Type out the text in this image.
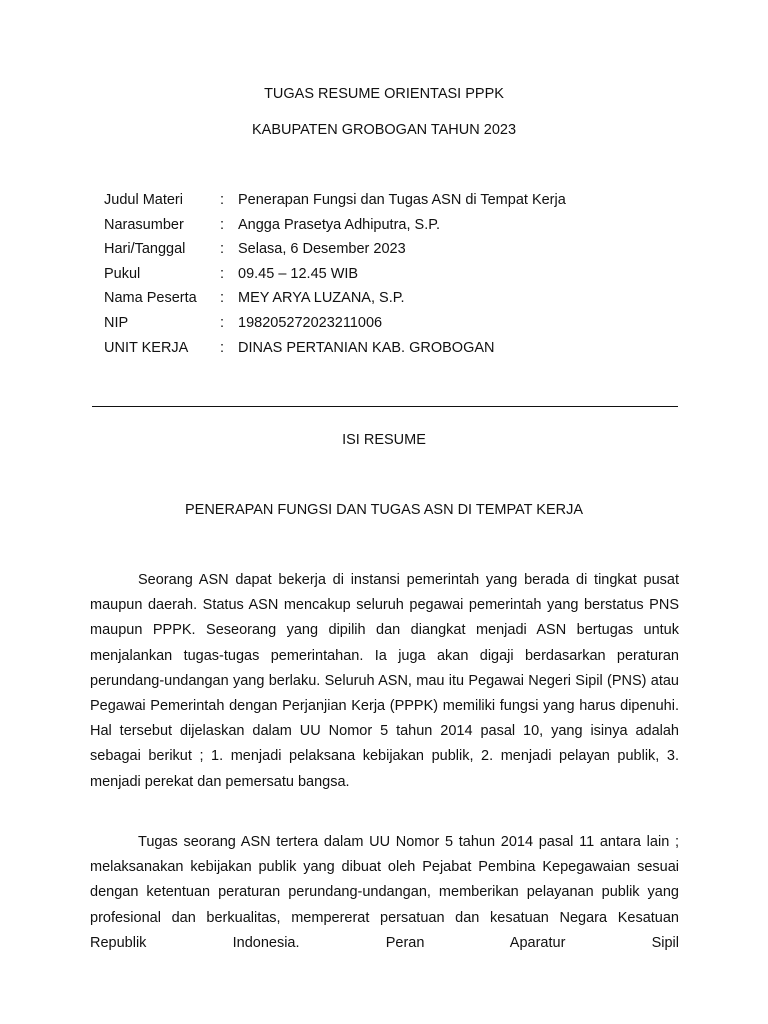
TUGAS RESUME ORIENTASI PPPK
KABUPATEN GROBOGAN TAHUN 2023
Judul Materi	: Penerapan Fungsi dan Tugas ASN di Tempat Kerja
Narasumber	: Angga Prasetya Adhiputra, S.P.
Hari/Tanggal	: Selasa, 6 Desember 2023
Pukul	: 09.45 – 12.45 WIB
Nama Peserta	: MEY ARYA LUZANA, S.P.
NIP	: 198205272023211006
UNIT KERJA	: DINAS PERTANIAN KAB. GROBOGAN
ISI RESUME
PENERAPAN FUNGSI DAN TUGAS ASN DI TEMPAT KERJA

Seorang ASN dapat bekerja di instansi pemerintah yang berada di tingkat pusat maupun daerah. Status ASN mencakup seluruh pegawai pemerintah yang berstatus PNS maupun PPPK. Seseorang yang dipilih dan diangkat menjadi ASN bertugas untuk menjalankan tugas-tugas pemerintahan. Ia juga akan digaji berdasarkan peraturan perundang-undangan yang berlaku. Seluruh ASN, mau itu Pegawai Negeri Sipil (PNS) atau Pegawai Pemerintah dengan Perjanjian Kerja (PPPK) memiliki fungsi yang harus dipenuhi. Hal tersebut dijelaskan dalam UU Nomor 5 tahun 2014 pasal 10, yang isinya adalah sebagai berikut ; 1. menjadi pelaksana kebijakan publik, 2. menjadi pelayan publik, 3. menjadi perekat dan pemersatu bangsa.

Tugas seorang ASN tertera dalam UU Nomor 5 tahun 2014 pasal 11 antara lain ; melaksanakan kebijakan publik yang dibuat oleh Pejabat Pembina Kepegawaian sesuai dengan ketentuan peraturan perundang-undangan, memberikan pelayanan publik yang profesional dan berkualitas, mempererat persatuan dan kesatuan Negara Kesatuan Republik Indonesia. Peran Aparatur Sipil
